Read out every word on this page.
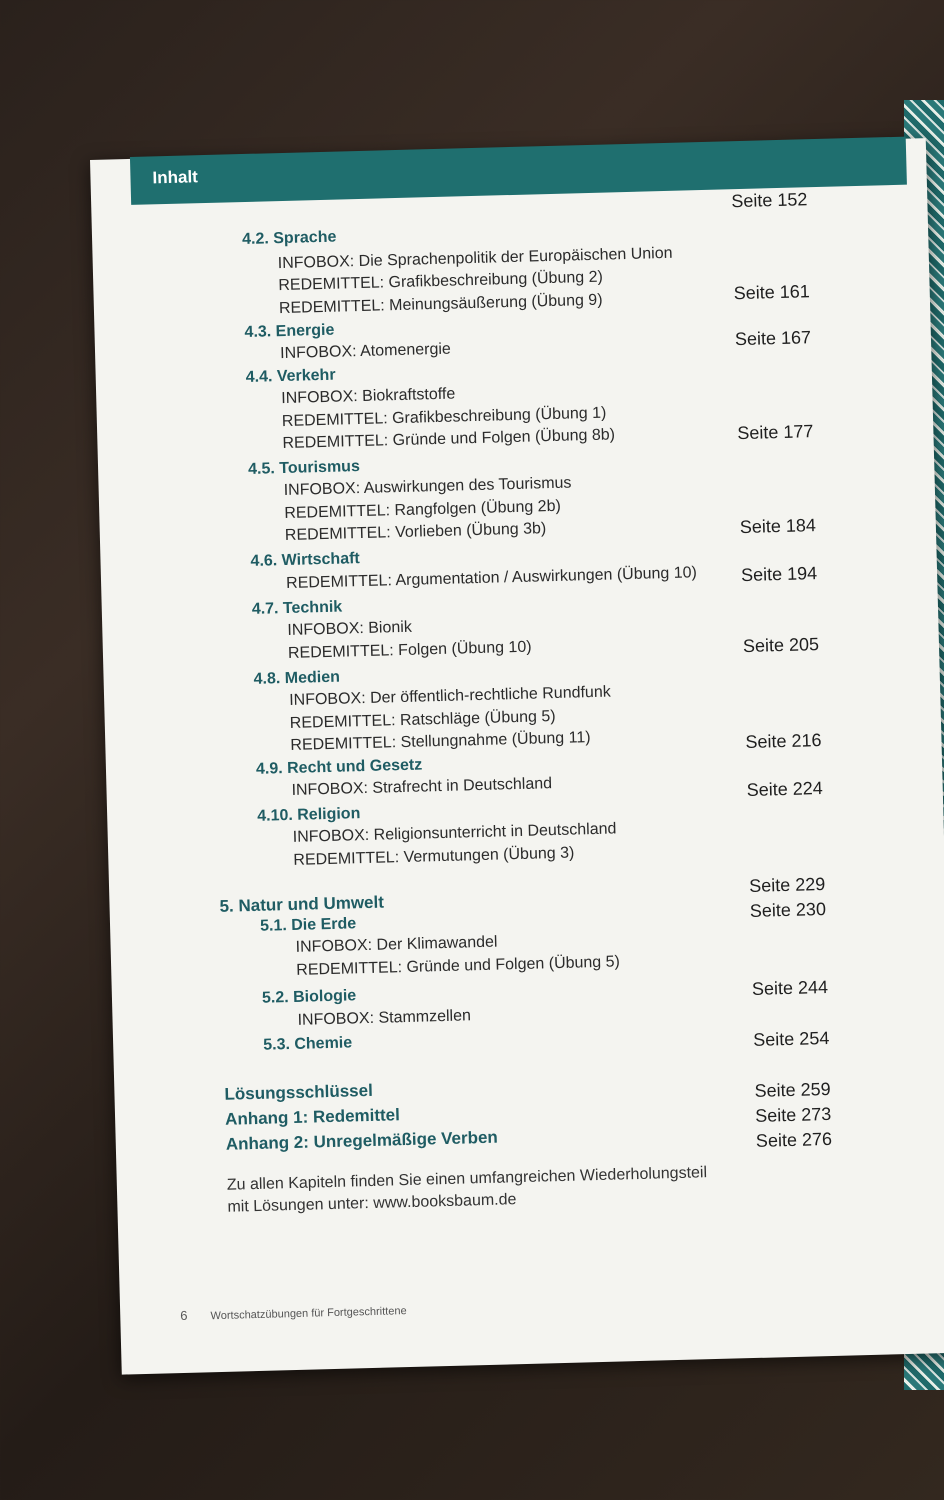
Inhalt
4.2. Sprache
INFOBOX: Die Sprachenpolitik der Europäischen Union
REDEMITTEL: Grafikbeschreibung (Übung 2)
REDEMITTEL: Meinungsäußerung (Übung 9)
4.3. Energie
INFOBOX: Atomenergie
4.4. Verkehr
INFOBOX: Biokraftstoffe
REDEMITTEL: Grafikbeschreibung (Übung 1)
REDEMITTEL: Gründe und Folgen (Übung 8b)
4.5. Tourismus
INFOBOX: Auswirkungen des Tourismus
REDEMITTEL: Rangfolgen (Übung 2b)
REDEMITTEL: Vorlieben (Übung 3b)
4.6. Wirtschaft
REDEMITTEL: Argumentation / Auswirkungen (Übung 10)
4.7. Technik
INFOBOX: Bionik
REDEMITTEL: Folgen (Übung 10)
4.8. Medien
INFOBOX: Der öffentlich-rechtliche Rundfunk
REDEMITTEL: Ratschläge (Übung 5)
REDEMITTEL: Stellungnahme (Übung 11)
4.9. Recht und Gesetz
INFOBOX: Strafrecht in Deutschland
4.10. Religion
INFOBOX: Religionsunterricht in Deutschland
REDEMITTEL: Vermutungen (Übung 3)
5. Natur und Umwelt
5.1. Die Erde
INFOBOX: Der Klimawandel
REDEMITTEL: Gründe und Folgen (Übung 5)
5.2. Biologie
INFOBOX: Stammzellen
5.3. Chemie
Lösungsschlüssel
Anhang 1: Redemittel
Anhang 2: Unregelmäßige Verben
Seite 152
Seite 161
Seite 167
Seite 177
Seite 184
Seite 194
Seite 205
Seite 216
Seite 224
Seite 229
Seite 230
Seite 244
Seite 254
Seite 259
Seite 273
Seite 276
Zu allen Kapiteln finden Sie einen umfangreichen Wiederholungsteil
mit Lösungen unter: www.booksbaum.de
6 Wortschatzübungen für Fortgeschrittene
